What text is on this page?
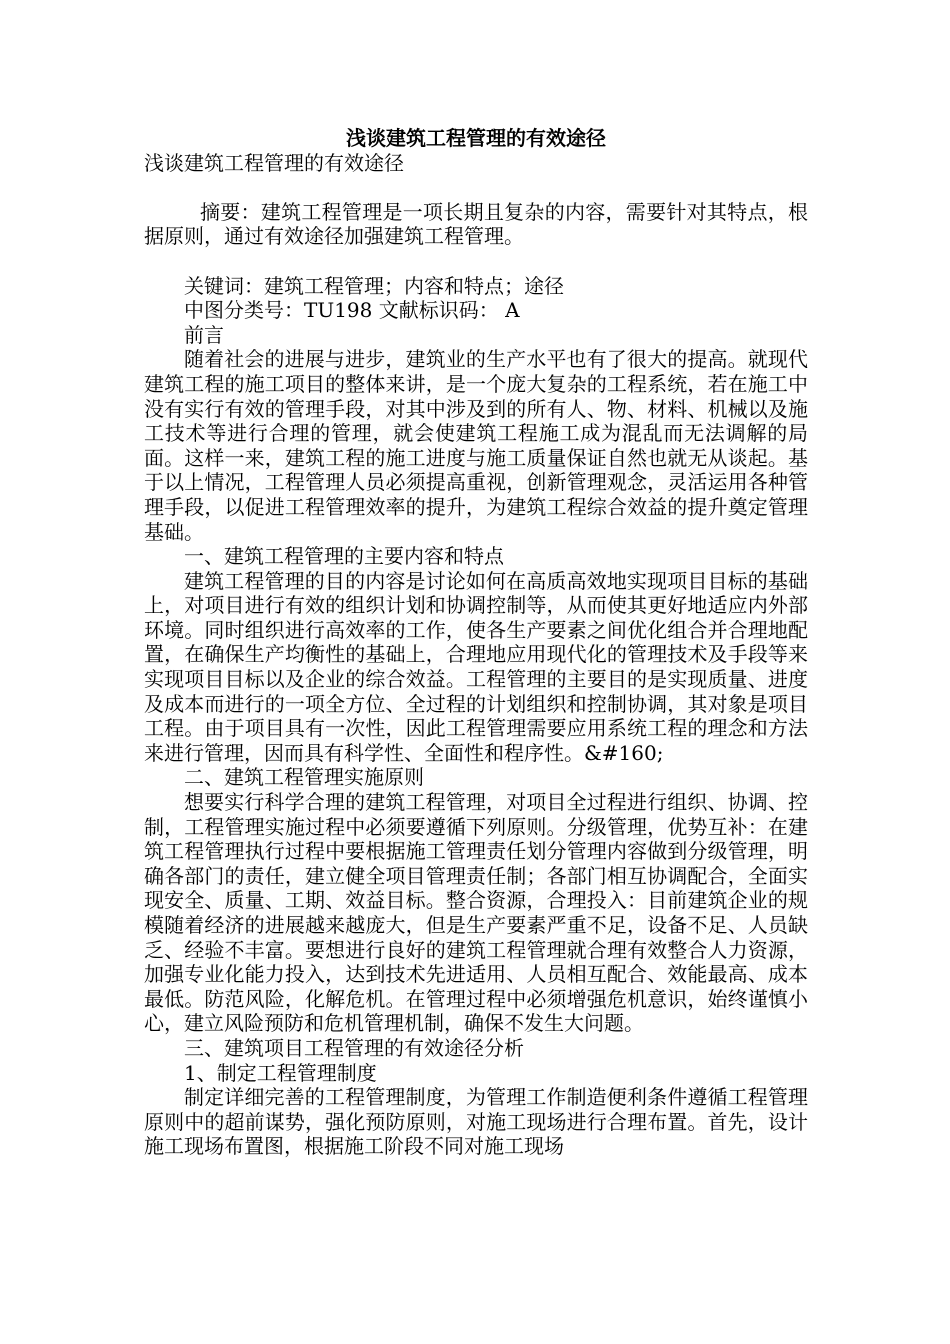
浅谈建筑工程管理的有效途径
浅谈建筑工程管理的有效途径
摘要：建筑工程管理是一项长期且复杂的内容，需要针对其特点，根据原则，通过有效途径加强建筑工程管理。
关键词：建筑工程管理；内容和特点；途径
中图分类号：TU198 文献标识码： A
前言
随着社会的进展与进步，建筑业的生产水平也有了很大的提高。就现代建筑工程的施工项目的整体来讲，是一个庞大复杂的工程系统，若在施工中没有实行有效的管理手段，对其中涉及到的所有人、物、材料、机械以及施工技术等进行合理的管理，就会使建筑工程施工成为混乱而无法调解的局面。这样一来，建筑工程的施工进度与施工质量保证自然也就无从谈起。基于以上情况，工程管理人员必须提高重视，创新管理观念，灵活运用各种管理手段，以促进工程管理效率的提升，为建筑工程综合效益的提升奠定管理基础。
一、建筑工程管理的主要内容和特点
建筑工程管理的目的内容是讨论如何在高质高效地实现项目目标的基础上，对项目进行有效的组织计划和协调控制等，从而使其更好地适应内外部环境。同时组织进行高效率的工作，使各生产要素之间优化组合并合理地配置，在确保生产均衡性的基础上，合理地应用现代化的管理技术及手段等来实现项目目标以及企业的综合效益。工程管理的主要目的是实现质量、进度及成本而进行的一项全方位、全过程的计划组织和控制协调，其对象是项目工程。由于项目具有一次性，因此工程管理需要应用系统工程的理念和方法来进行管理，因而具有科学性、全面性和程序性。&#160;
二、建筑工程管理实施原则
想要实行科学合理的建筑工程管理，对项目全过程进行组织、协调、控制，工程管理实施过程中必须要遵循下列原则。分级管理，优势互补：在建筑工程管理执行过程中要根据施工管理责任划分管理内容做到分级管理，明确各部门的责任，建立健全项目管理责任制；各部门相互协调配合，全面实现安全、质量、工期、效益目标。整合资源，合理投入：目前建筑企业的规模随着经济的进展越来越庞大，但是生产要素严重不足，设备不足、人员缺乏、经验不丰富。要想进行良好的建筑工程管理就合理有效整合人力资源，加强专业化能力投入，达到技术先进适用、人员相互配合、效能最高、成本最低。防范风险，化解危机。在管理过程中必须增强危机意识，始终谨慎小心，建立风险预防和危机管理机制，确保不发生大问题。
三、建筑项目工程管理的有效途径分析
1、制定工程管理制度
制定详细完善的工程管理制度，为管理工作制造便利条件遵循工程管理原则中的超前谋势，强化预防原则，对施工现场进行合理布置。首先，设计施工现场布置图，根据施工阶段不同对施工现场
